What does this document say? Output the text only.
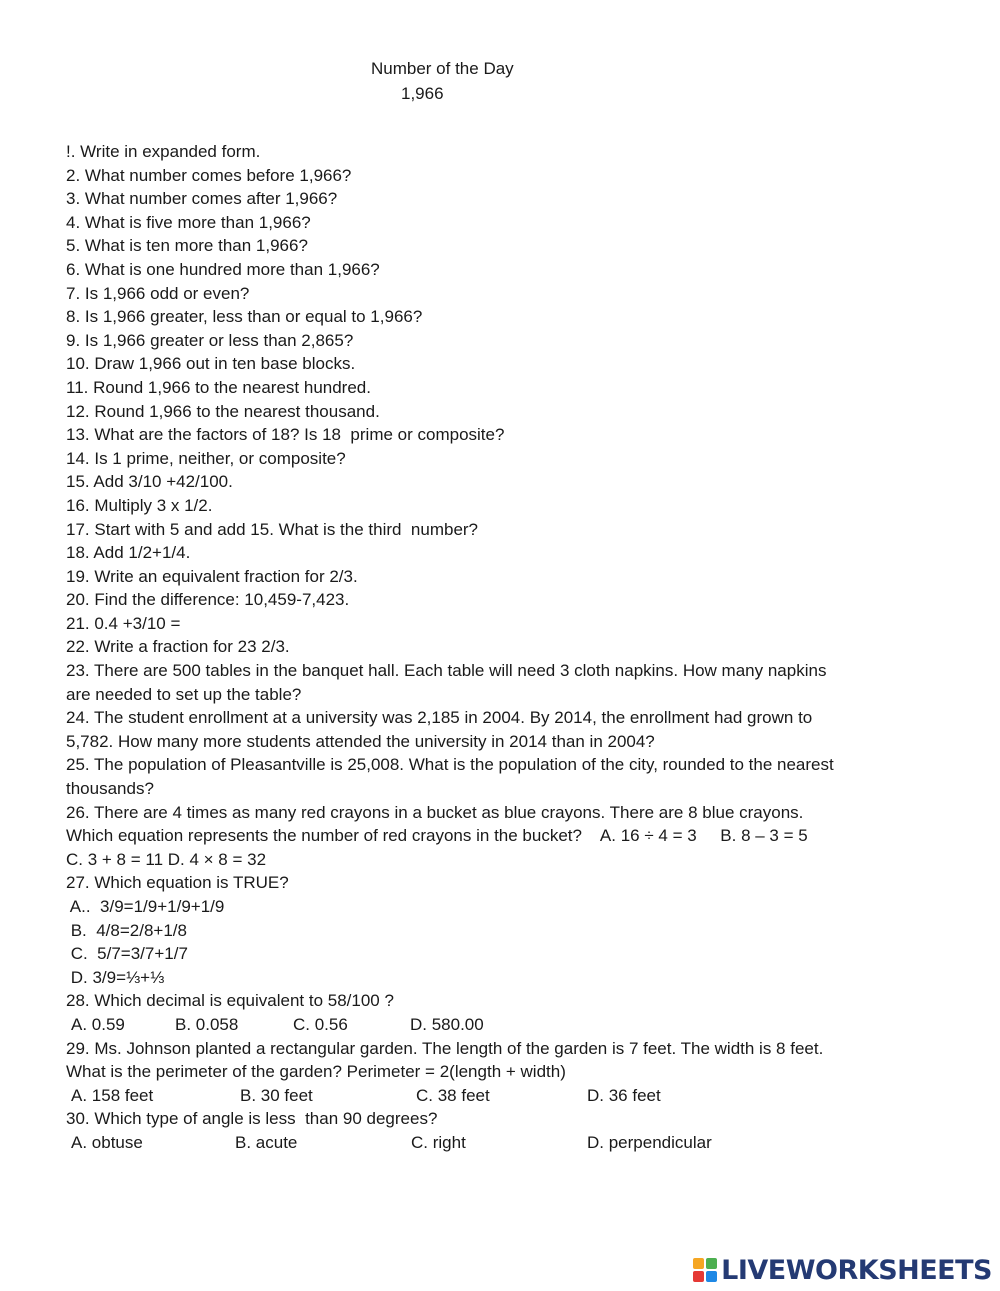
Number of the Day
1,966
!. Write in expanded form.
2. What number comes before 1,966?
3. What number comes after 1,966?
4. What is five more than 1,966?
5. What is ten more than 1,966?
6. What is one hundred more than 1,966?
7. Is 1,966 odd or even?
8. Is 1,966 greater, less than or equal to 1,966?
9. Is 1,966 greater or less than 2,865?
10. Draw 1,966 out in ten base blocks.
11. Round 1,966 to the nearest hundred.
12. Round 1,966 to the nearest thousand.
13. What are the factors of 18? Is 18  prime or composite?
14. Is 1 prime, neither, or composite?
15. Add 3/10 +42/100.
16. Multiply 3 x 1/2.
17. Start with 5 and add 15. What is the third  number?
18. Add 1/2+1/4.
19. Write an equivalent fraction for 2/3.
20. Find the difference: 10,459-7,423.
21. 0.4 +3/10 =
22. Write a fraction for 23 2/3.
23. There are 500 tables in the banquet hall. Each table will need 3 cloth napkins. How many napkins
are needed to set up the table?
24. The student enrollment at a university was 2,185 in 2004. By 2014, the enrollment had grown to
5,782. How many more students attended the university in 2014 than in 2004?
25. The population of Pleasantville is 25,008. What is the population of the city, rounded to the nearest
thousands?
26. There are 4 times as many red crayons in a bucket as blue crayons. There are 8 blue crayons.
Which equation represents the number of red crayons in the bucket?    A. 16 ÷ 4 = 3     B. 8 – 3 = 5
C. 3 + 8 = 11 D. 4 × 8 = 32
27. Which equation is TRUE?
A..  3/9=1/9+1/9+1/9
B.  4/8=2/8+1/8
C.  5/7=3/7+1/7
D. 3/9=⅓+⅓
28. Which decimal is equivalent to 58/100 ?
A. 0.59	B. 0.058	C. 0.56	D. 580.00
29. Ms. Johnson planted a rectangular garden. The length of the garden is 7 feet. The width is 8 feet.
What is the perimeter of the garden? Perimeter = 2(length + width)
A. 158 feet	B. 30 feet	C. 38 feet	D. 36 feet
30. Which type of angle is less  than 90 degrees?
A. obtuse	B. acute	C. right	D. perpendicular
LIVEWORKSHEETS
